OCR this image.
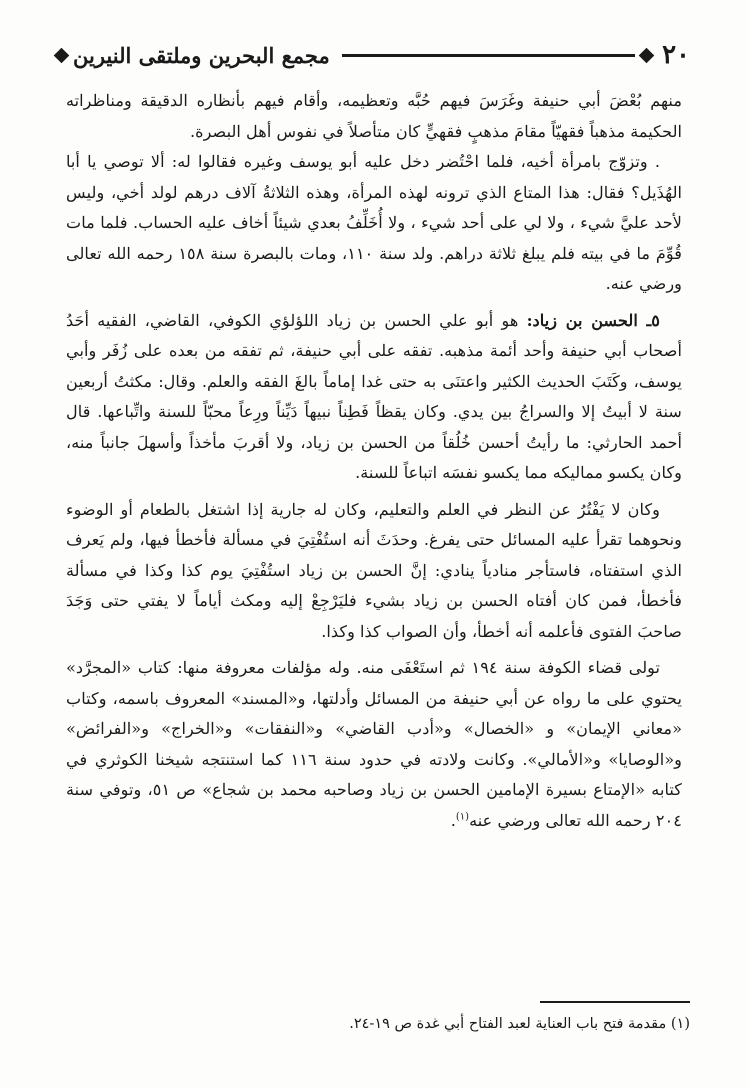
٢٠
مجمع البحرين وملتقى النيرين

منهم بُعْضَ أبي حنيفة وغَرَسَ فيهم حُبَّه وتعظيمه، وأقام فيهم بأنظاره الدقيقة ومناظراته الحكيمة مذهباً فقهيّاً مقامَ مذهبٍ فقهيٍّ كان متأصلاً في نفوس أهل البصرة.

. وتزوّج بامرأة أخيه، فلما احْتُضر دخل عليه أبو يوسف وغيره فقالوا له: ألا توصي يا أبا الهُذَيل؟ فقال: هذا المتاع الذي ترونه لهذه المرأة، وهذه الثلاثةُ آلاف درهم لولد أخي، وليس لأحد عليَّ شيء ، ولا لي على أحد شيء ، ولا أُخَلِّفُ بعدي شيئاً أخاف عليه الحساب. فلما مات قُوِّمَ ما في بيته فلم يبلغ ثلاثة دراهم. ولد سنة ١١٠، ومات بالبصرة سنة ١٥٨ رحمه الله تعالى ورضي عنه.

٥ـ الحسن بن زياد: هو أبو علي الحسن بن زياد اللؤلؤي الكوفي، القاضي، الفقيه أحَدُ أصحاب أبي حنيفة وأحد أئمة مذهبه. تفقه على أبي حنيفة، ثم تفقه من بعده على زُفَر وأبي يوسف، وكَتَبَ الحديث الكثير واعتنَى به حتى غدا إماماً بالغَ الفقه والعلم. وقال: مكثتُ أربعين سنة لا أبيتُ إلا والسراجُ بين يدي. وكان يقظاً فَطِناً نبيهاً دَيِّناً ورِعاً محبّاً للسنة واتِّباعها. قال أحمد الحارثي: ما رأيتُ أحسن خُلُقاً من الحسن بن زياد، ولا أقربَ مأخذاً وأسهلَ جانباً منه، وكان يكسو مماليكه مما يكسو نفسَه اتباعاً للسنة.

وكان لا يَفْتُرُ عن النظر في العلم والتعليم، وكان له جارية إذا اشتغل بالطعام أو الوضوء ونحوهما تقرأ عليه المسائل حتى يفرغ. وحدَثَ أنه استُفْتِيَ في مسألة فأخطأ فيها، ولم يَعرف الذي استفتاه، فاستأجر منادياً ينادي: إنَّ الحسن بن زياد استُفْتِيَ يوم كذا وكذا في مسألة فأخطأ، فمن كان أفتاه الحسن بن زياد بشيء فليَرْجِعْ إليه ومكث أياماً لا يفتي حتى وَجَدَ صاحبَ الفتوى فأعلمه أنه أخطأ، وأن الصواب كذا وكذا.

تولى قضاء الكوفة سنة ١٩٤ ثم استَعْفَى منه. وله مؤلفات معروفة منها: كتاب «المجرَّد» يحتوي على ما رواه عن أبي حنيفة من المسائل وأدلتها، و«المسند» المعروف باسمه، وكتاب «معاني الإيمان» و «الخصال» و«أدب القاضي» و«النفقات» و«الخراج» و«الفرائض» و«الوصايا» و«الأمالي». وكانت ولادته في حدود سنة ١١٦ كما استنتجه شيخنا الكوثري في كتابه «الإمتاع بسيرة الإمامين الحسن بن زياد وصاحبه محمد بن شجاع» ص ٥١، وتوفي سنة ٢٠٤ رحمه الله تعالى ورضي عنه$^{(١)}$.

(١) مقدمة فتح باب العناية لعبد الفتاح أبي غدة ص ١٩-٢٤.
